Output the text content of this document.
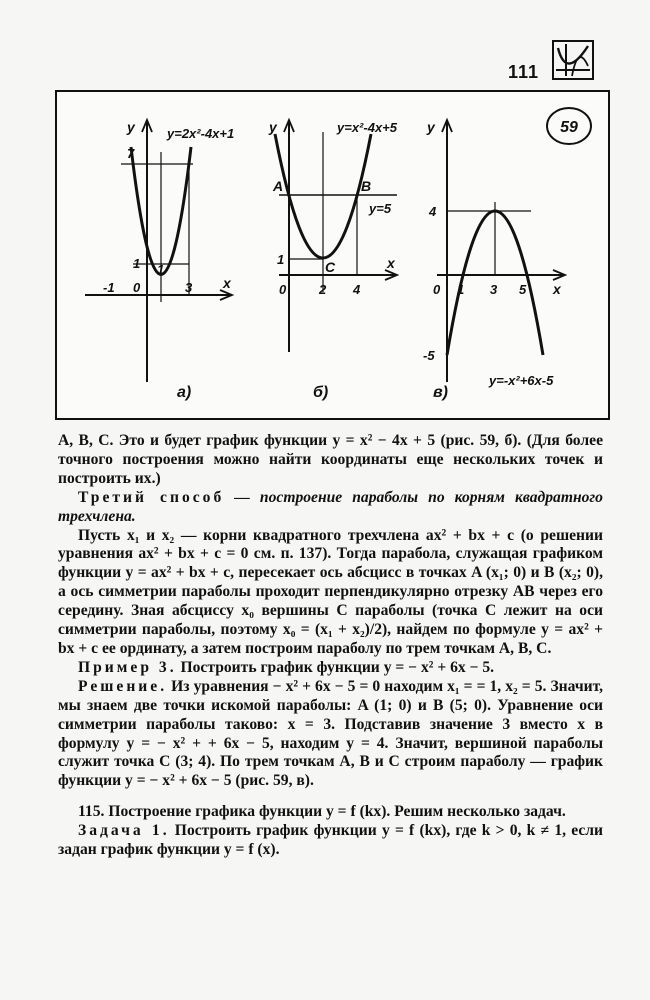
111
59
y
x
y=2x²-4x+1
7
1 1
-1 0	3
а)
y
x
y=x²-4x+5
y=5
A	B
C
1
0	2 4
б)
y
x
4
0 1 3 5
-5
в)
y=-x²+6x-5

A, B, C. Это и будет график функции y = x² − 4x + 5 (рис. 59, б). (Для более точного построения можно найти координаты еще нескольких точек и построить их.)

Третий способ — построение параболы по корням квадратного трехчлена.

Пусть x₁ и x₂ — корни квадратного трехчлена ax² + bx + c (о решении уравнения ax² + bx + c = 0 см. п. 137). Тогда парабола, служащая графиком функции y = ax² + bx + c, пересекает ось абсцисс в точках A (x₁; 0) и B (x₂; 0), а ось симметрии параболы проходит перпендикулярно отрезку AB через его середину. Зная абсциссу x₀ вершины C параболы (точка C лежит на оси симметрии параболы, поэтому x₀ = (x₁ + x₂)/2), найдем по формуле y = ax² + bx + c ее ординату, а затем построим параболу по трем точкам A, B, C.

Пример 3. Построить график функции y = − x² + 6x − 5.

Решение. Из уравнения − x² + 6x − 5 = 0 находим x₁ = = 1, x₂ = 5. Значит, мы знаем две точки искомой параболы: A (1; 0) и B (5; 0). Уравнение оси симметрии параболы таково: x = 3. Подставив значение 3 вместо x в формулу y = − x² + + 6x − 5, находим y = 4. Значит, вершиной параболы служит точка C (3; 4). По трем точкам A, B и C строим параболу — график функции y = − x² + 6x − 5 (рис. 59, в).

115. Построение графика функции y = f (kx). Решим несколько задач.

Задача 1. Построить график функции y = f (kx), где k > 0, k ≠ 1, если задан график функции y = f (x).
